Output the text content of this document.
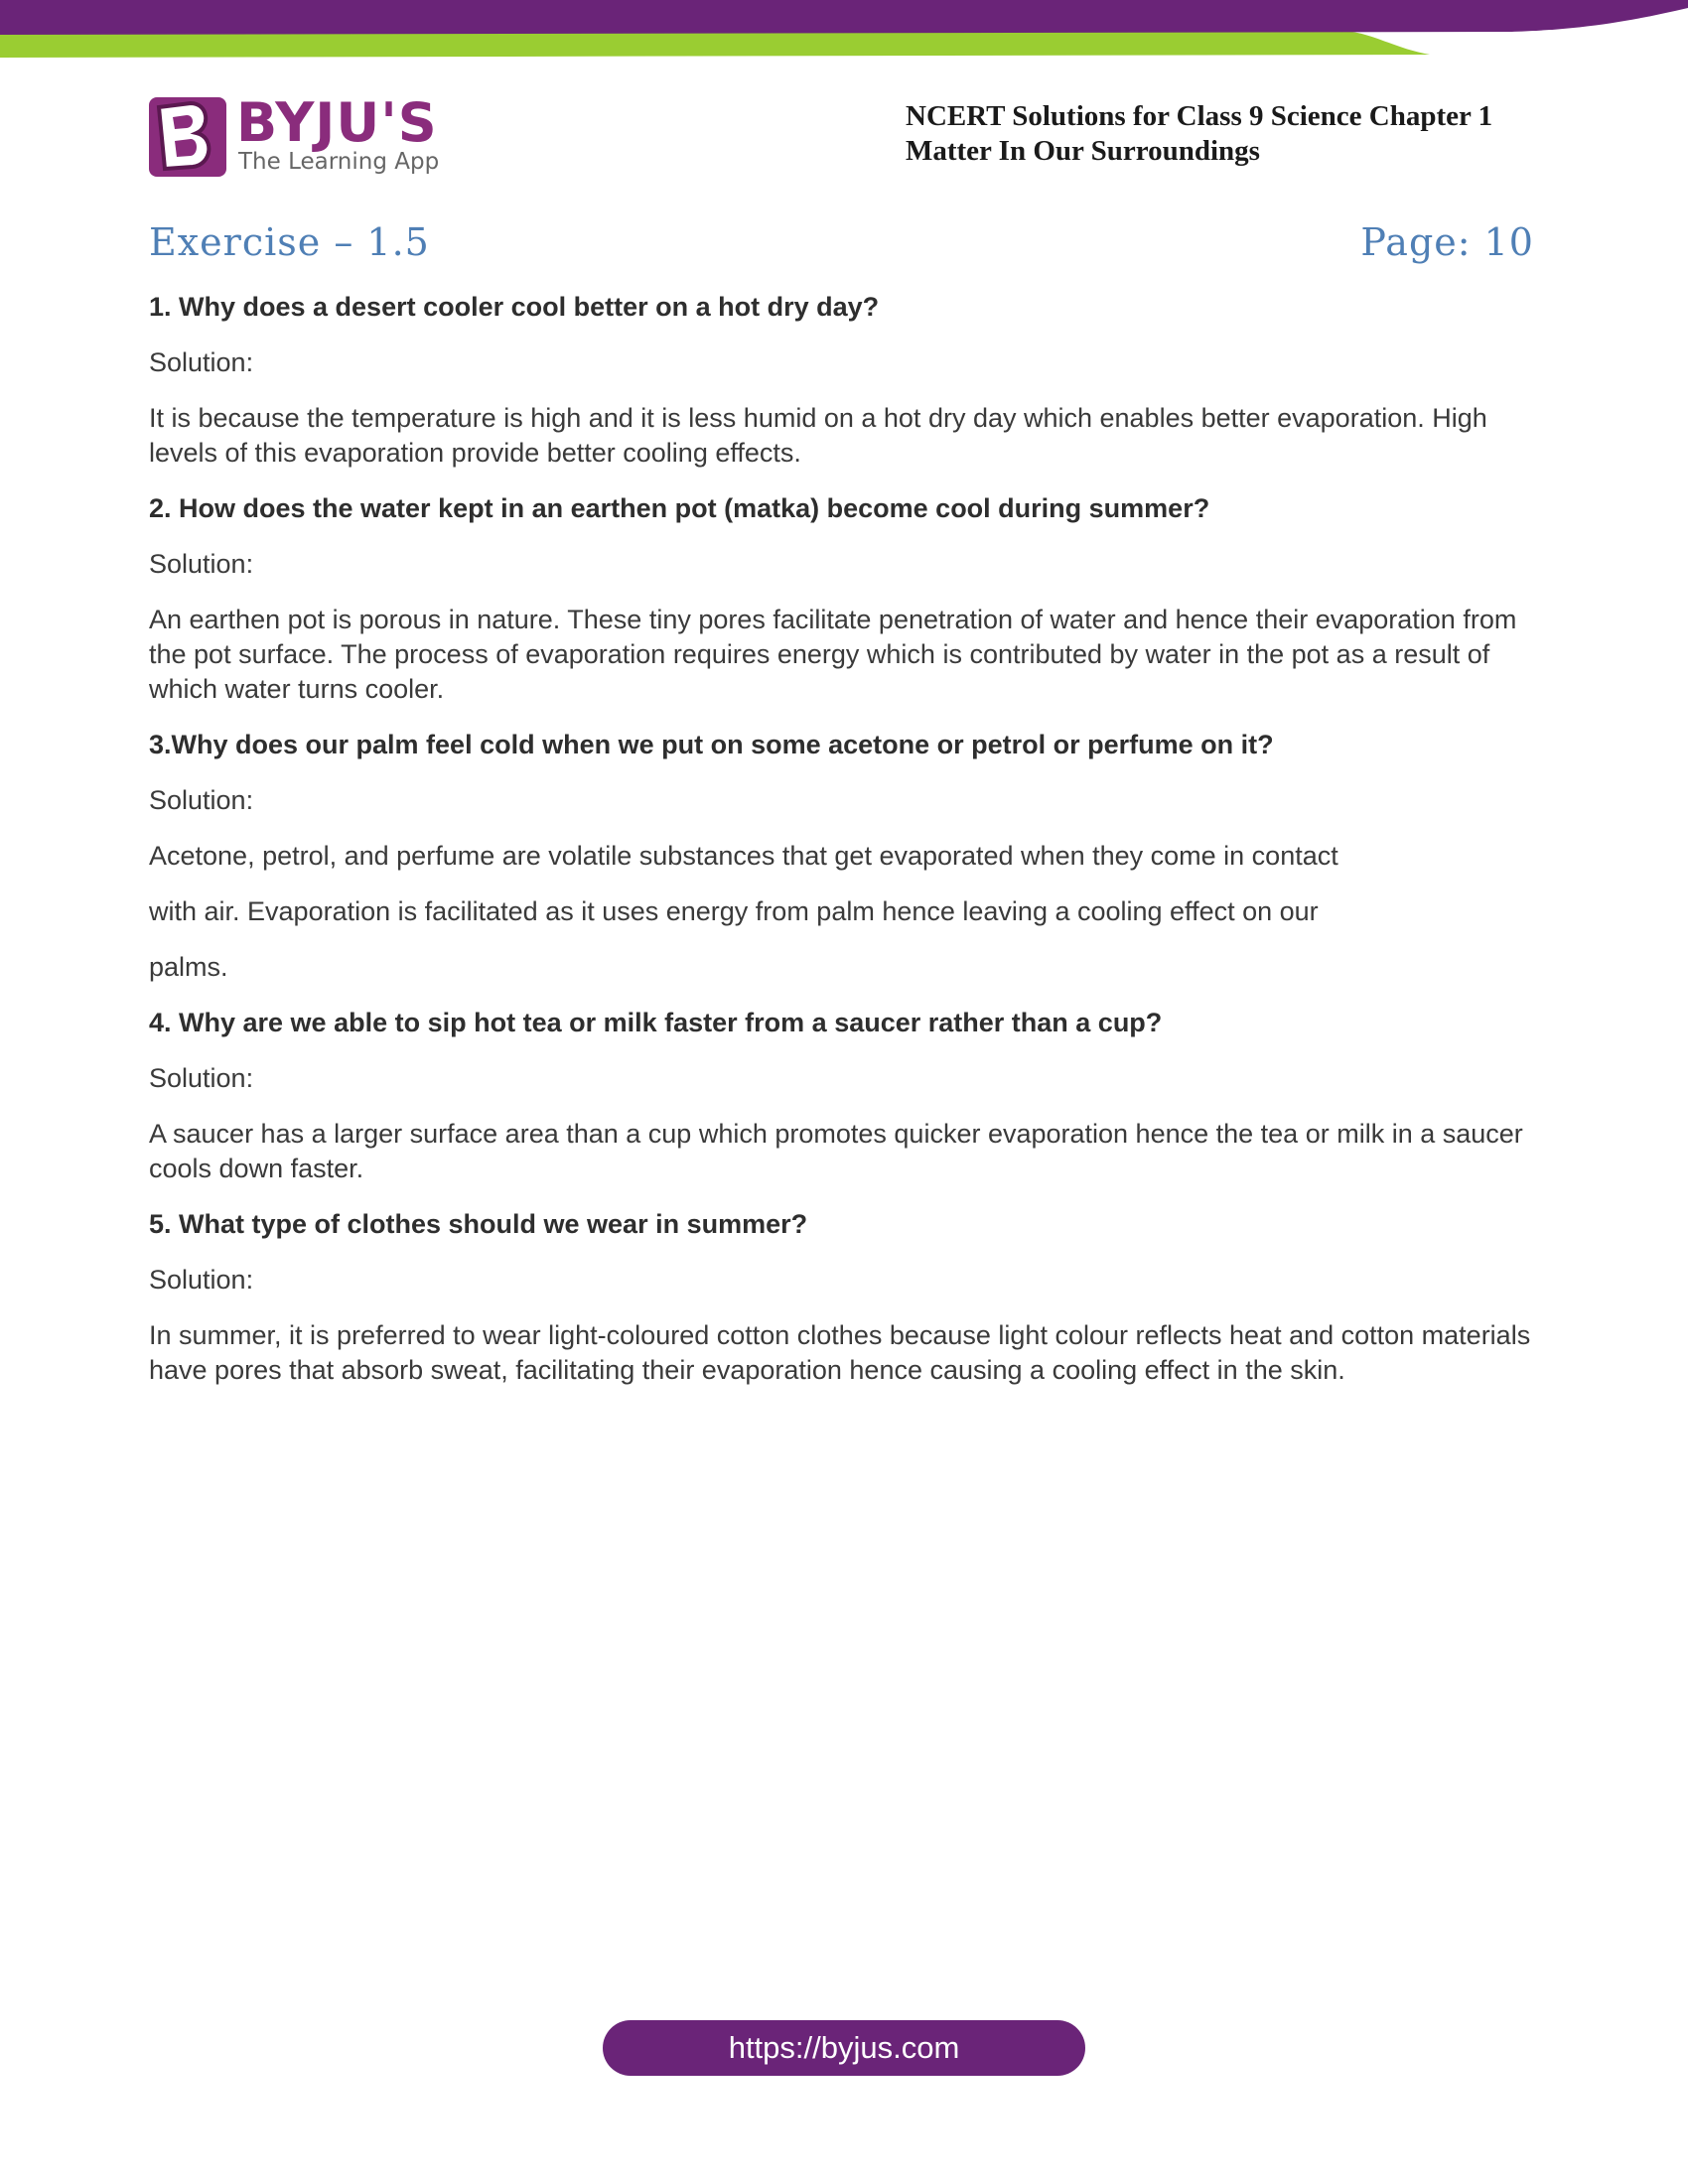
BYJU'S
The Learning App
NCERT Solutions for Class 9 Science Chapter 1
Matter In Our Surroundings
Exercise – 1.5	Page: 10

1. Why does a desert cooler cool better on a hot dry day?

Solution:

It is because the temperature is high and it is less humid on a hot dry day which enables better evaporation. High levels of this evaporation provide better cooling effects.

2. How does the water kept in an earthen pot (matka) become cool during summer?

Solution:

An earthen pot is porous in nature. These tiny pores facilitate penetration of water and hence their evaporation from the pot surface. The process of evaporation requires energy which is contributed by water in the pot as a result of which water turns cooler.

3.Why does our palm feel cold when we put on some acetone or petrol or perfume on it?

Solution:

Acetone, petrol, and perfume are volatile substances that get evaporated when they come in contact

with air. Evaporation is facilitated as it uses energy from palm hence leaving a cooling effect on our

palms.

4. Why are we able to sip hot tea or milk faster from a saucer rather than a cup?

Solution:

A saucer has a larger surface area than a cup which promotes quicker evaporation hence the tea or milk in a saucer cools down faster.

5. What type of clothes should we wear in summer?

Solution:

In summer, it is preferred to wear light-coloured cotton clothes because light colour reflects heat and cotton materials have pores that absorb sweat, facilitating their evaporation hence causing a cooling effect in the skin.

https://byjus.com
